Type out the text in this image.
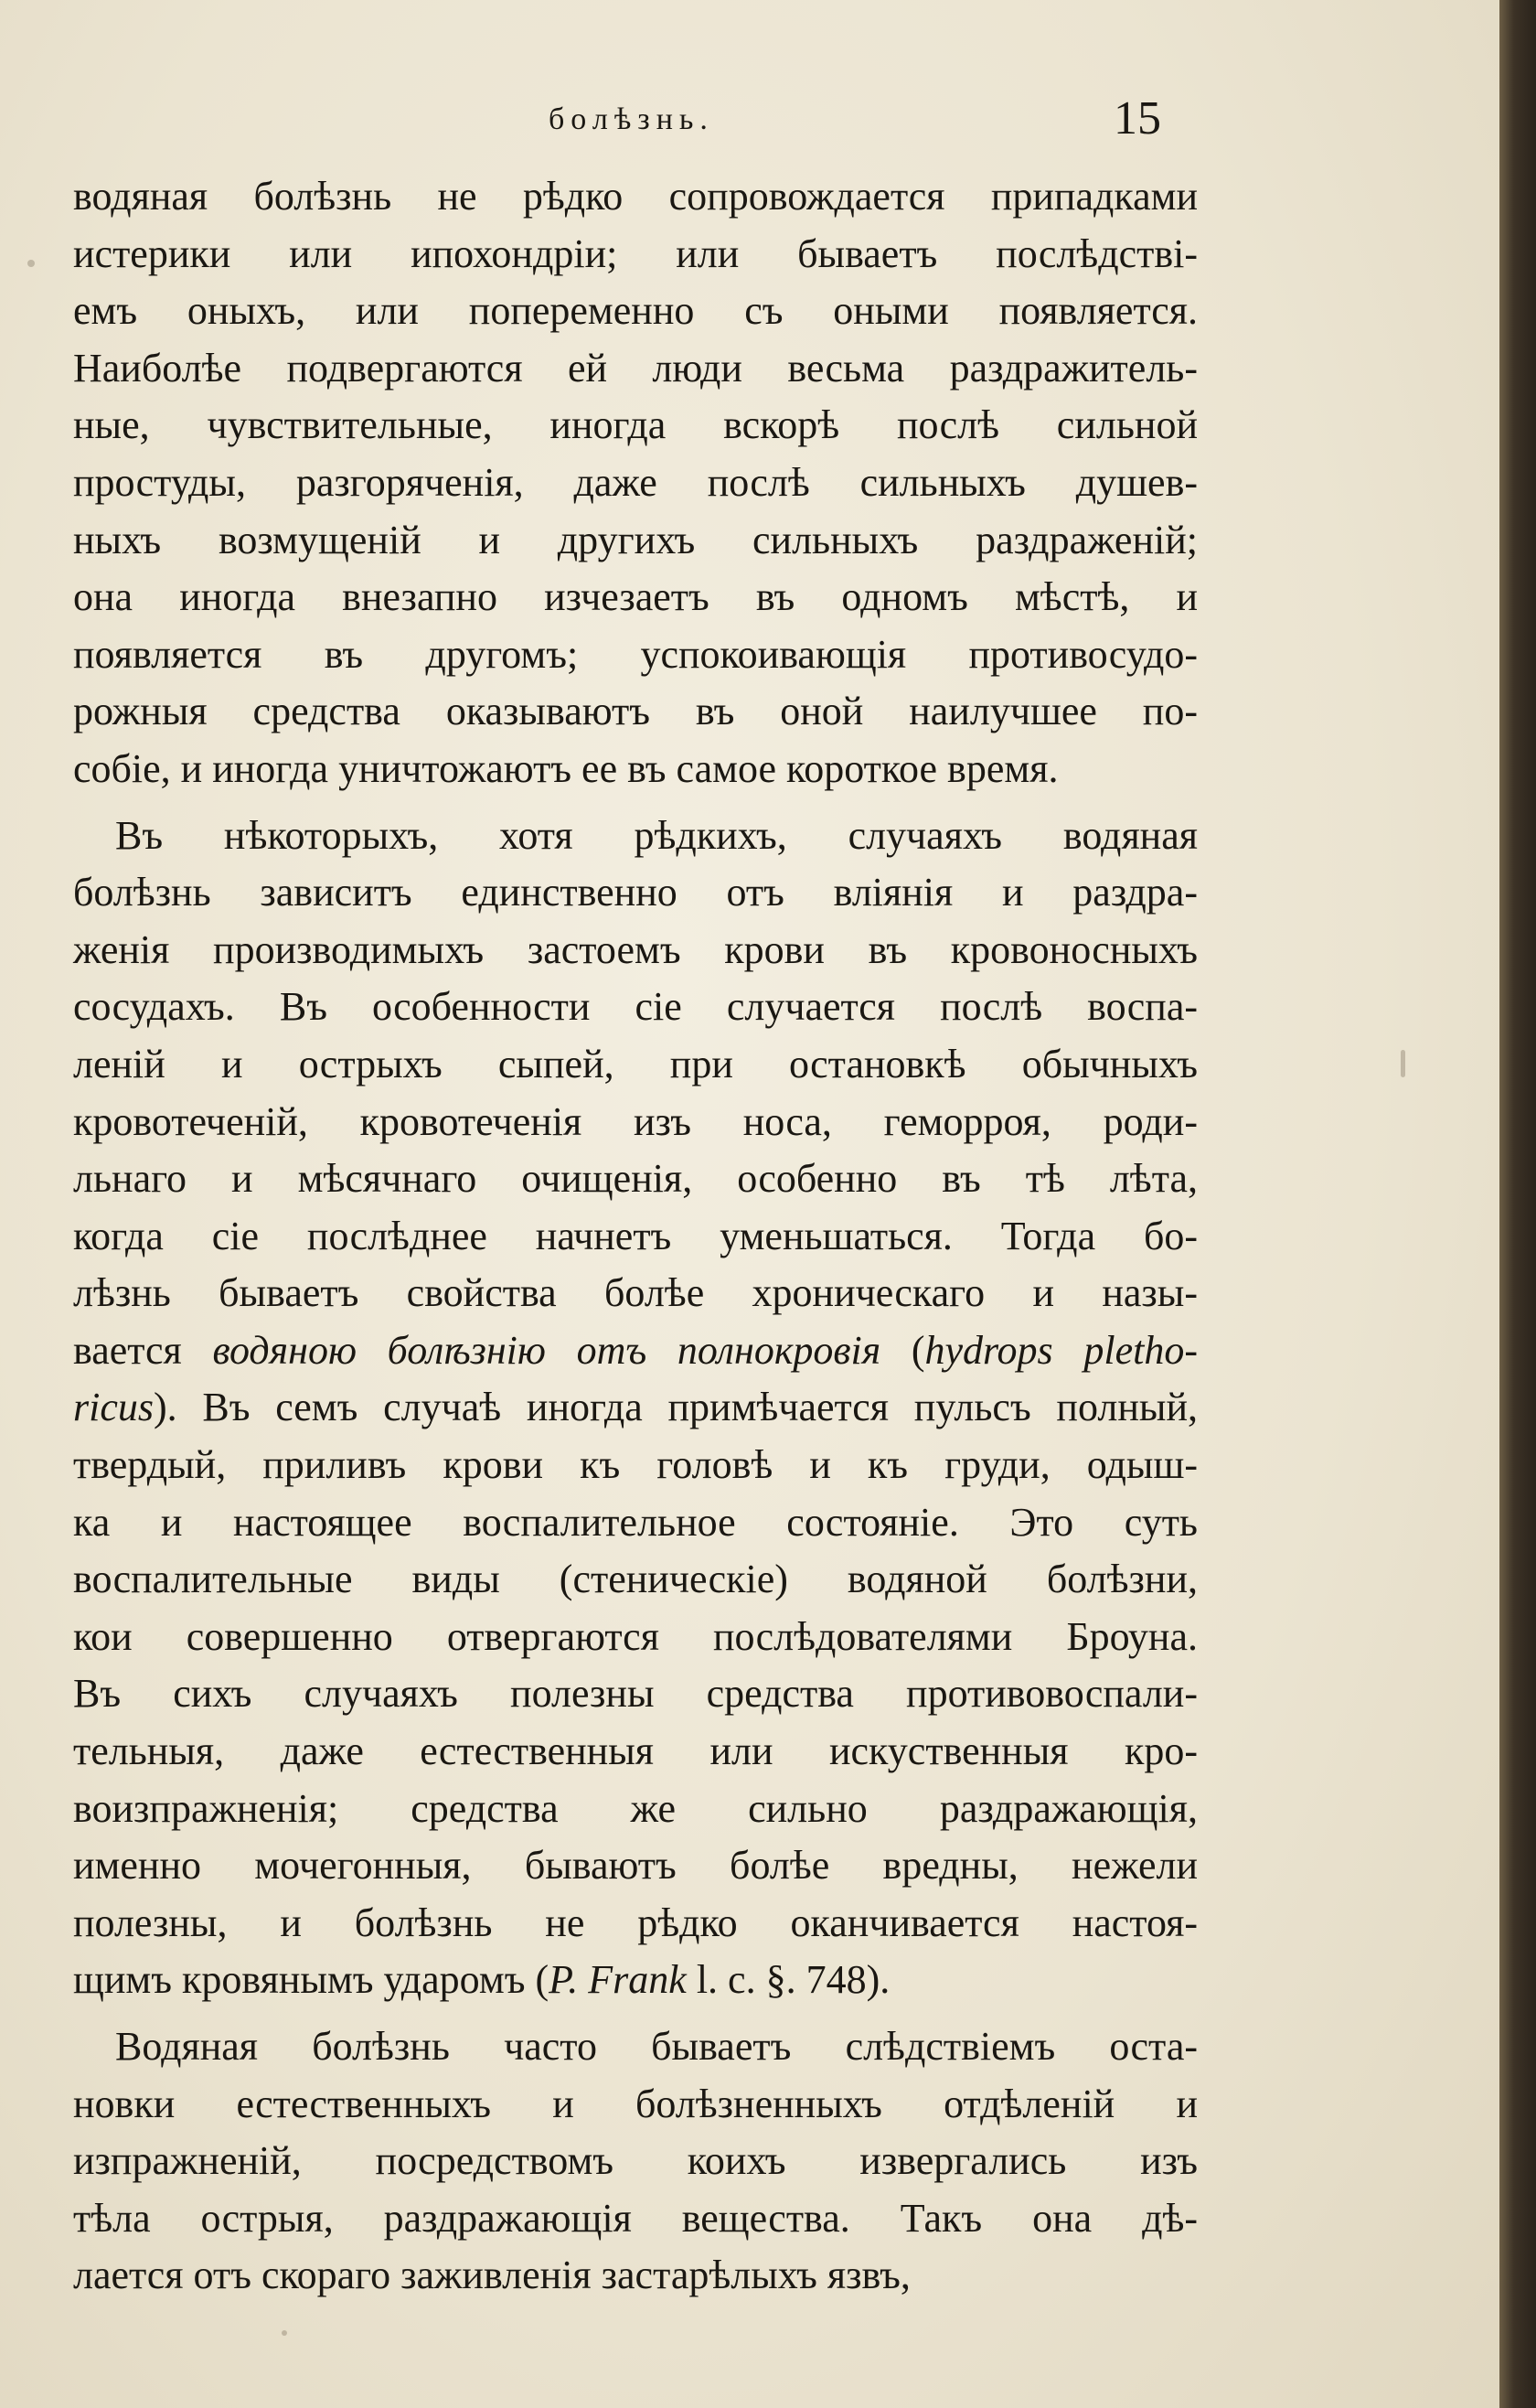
болѣзнь.	15
водяная болѣзнь не рѣдко сопровождается припадками
истерики или ипохондріи; или бываетъ послѣдствi-
емъ оныхъ, или попеременно съ оными появляется.
Наиболѣе подвергаются ей люди весьма раздражитель-
ные, чувствительные, иногда вскорѣ послѣ сильной
простуды, разгоряченія, даже послѣ сильныхъ душев-
ныхъ возмущеній и другихъ сильныхъ раздраженій;
она иногда внезапно изчезаетъ въ одномъ мѣстѣ, и
появляется въ другомъ; успокоивающія противосудо-
рожныя средства оказываютъ въ оной наилучшее по-
собіе, и иногда уничтожаютъ ее въ самое короткое время.
Въ нѣкоторыхъ, хотя рѣдкихъ, случаяхъ водяная
болѣзнь зависитъ единственно отъ вліянія и раздра-
женія производимыхъ застоемъ крови въ кровоносныхъ
сосудахъ. Въ особенности сіе случается послѣ воспа-
леній и острыхъ сыпей, при остановкѣ обычныхъ
кровотеченій, кровотеченія изъ носа, геморроя, роди-
льнаго и мѣсячнаго очищенія, особенно въ тѣ лѣта,
когда сіе послѣднее начнетъ уменьшаться. Тогда бо-
лѣзнь бываетъ свойства болѣе хроническаго и назы-
вается водяною болѣзнію отъ полнокровія (hydrops pletho-
ricus). Въ семъ случаѣ иногда примѣчается пульсъ полный,
твердый, приливъ крови къ головѣ и къ груди, одыш-
ка и настоящее воспалительное состояніе. Это суть
воспалительные виды (стеническіе) водяной болѣзни,
кои совершенно отвергаются послѣдователями Броуна.
Въ сихъ случаяхъ полезны средства противовоспали-
тельныя, даже естественныя или искуственныя кро-
воизпражненія; средства же сильно раздражающія,
именно мочегонныя, бываютъ болѣе вредны, нежели
полезны, и болѣзнь не рѣдко оканчивается настоя-
щимъ кровянымъ ударомъ (P. Frank l. c. §. 748).
Водяная болѣзнь часто бываетъ слѣдствіемъ оста-
новки естественныхъ и болѣзненныхъ отдѣленій и
изпражненій, посредствомъ коихъ извергались изъ
тѣла острыя, раздражающія вещества. Такъ она дѣ-
лается отъ скораго заживленія застарѣлыхъ язвъ,
